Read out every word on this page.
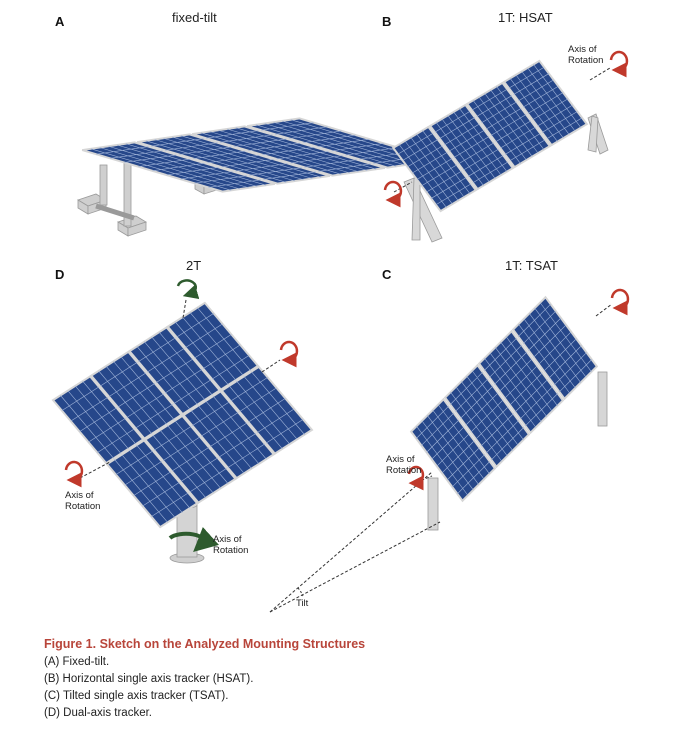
A	fixed-tilt	B	1T: HSAT
Axis of Rotation
D
2T
Axis of Rotation
Axis of Rotation
C
1T: TSAT
Axis of Rotation
Tilt
Figure 1. Sketch on the Analyzed Mounting Structures
(A) Fixed-tilt.
(B) Horizontal single axis tracker (HSAT).
(C) Tilted single axis tracker (TSAT).
(D) Dual-axis tracker.
